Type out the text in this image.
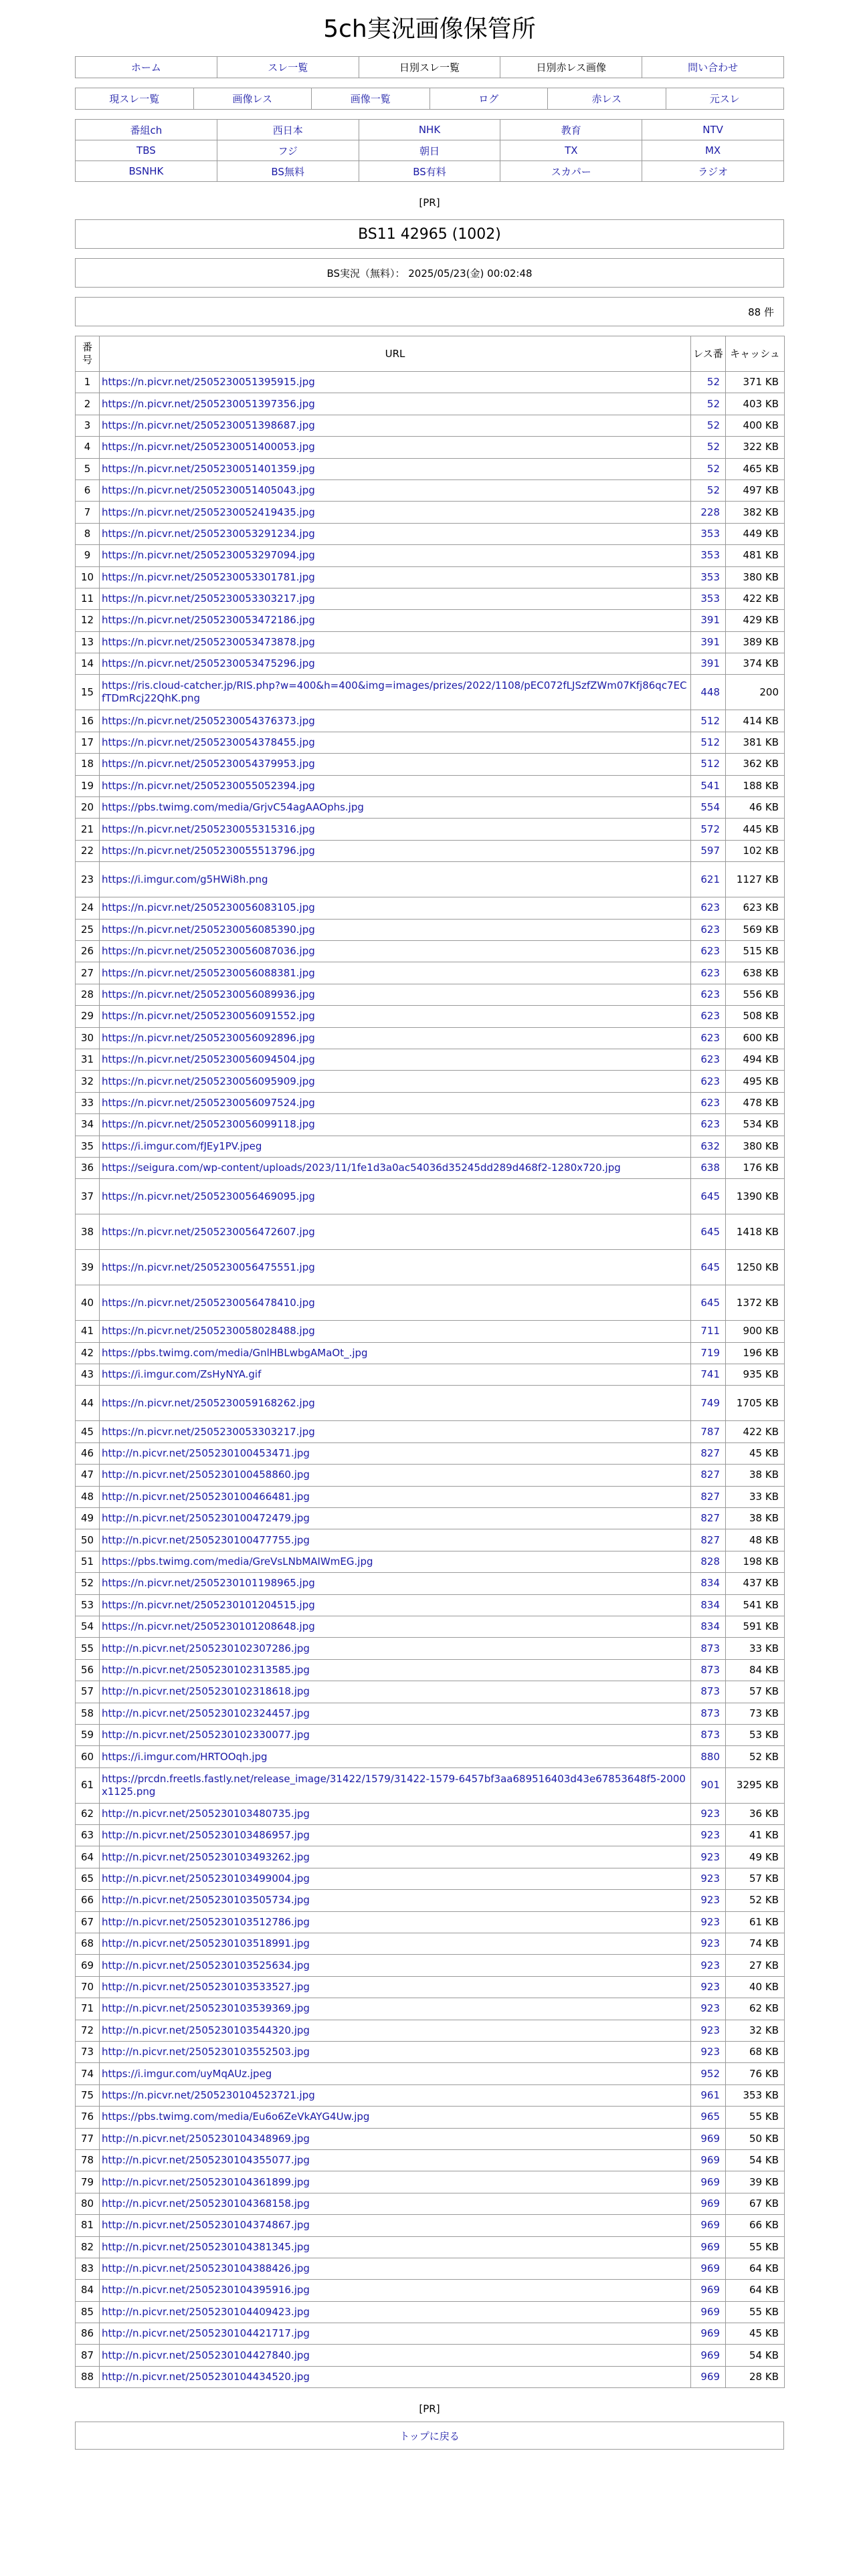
5ch実況画像保管所
ホーム	スレ一覧	日別スレ一覧	日別赤レス画像	問い合わせ
現スレ一覧	画像レス	画像一覧	ログ	赤レス	元スレ
番組ch	西日本	NHK	教育	NTV
TBS	フジ	朝日	TX	MX
BSNHK	BS無料	BS有料	スカパー	ラジオ
[PR]
BS11 42965 (1002)
BS実況（無料）： 2025/05/23(金) 00:02:48
88 件
番号	URL	レス番	キャッシュ
1	https://n.picvr.net/2505230051395915.jpg	52	371 KB
2	https://n.picvr.net/2505230051397356.jpg	52	403 KB
3	https://n.picvr.net/2505230051398687.jpg	52	400 KB
4	https://n.picvr.net/2505230051400053.jpg	52	322 KB
5	https://n.picvr.net/2505230051401359.jpg	52	465 KB
6	https://n.picvr.net/2505230051405043.jpg	52	497 KB
7	https://n.picvr.net/2505230052419435.jpg	228	382 KB
8	https://n.picvr.net/2505230053291234.jpg	353	449 KB
9	https://n.picvr.net/2505230053297094.jpg	353	481 KB
10	https://n.picvr.net/2505230053301781.jpg	353	380 KB
11	https://n.picvr.net/2505230053303217.jpg	353	422 KB
12	https://n.picvr.net/2505230053472186.jpg	391	429 KB
13	https://n.picvr.net/2505230053473878.jpg	391	389 KB
14	https://n.picvr.net/2505230053475296.jpg	391	374 KB
15	https://ris.cloud-catcher.jp/RIS.php?w=400&h=400&img=images/prizes/2022/1108/pEC072fLJSzfZWm07Kfj86qc7ECfTDmRcj22QhK.png	448	200
16	https://n.picvr.net/2505230054376373.jpg	512	414 KB
17	https://n.picvr.net/2505230054378455.jpg	512	381 KB
18	https://n.picvr.net/2505230054379953.jpg	512	362 KB
19	https://n.picvr.net/2505230055052394.jpg	541	188 KB
20	https://pbs.twimg.com/media/GrjvC54agAAOphs.jpg	554	46 KB
21	https://n.picvr.net/2505230055315316.jpg	572	445 KB
22	https://n.picvr.net/2505230055513796.jpg	597	102 KB
23	https://i.imgur.com/g5HWi8h.png	621	1127 KB
24	https://n.picvr.net/2505230056083105.jpg	623	623 KB
25	https://n.picvr.net/2505230056085390.jpg	623	569 KB
26	https://n.picvr.net/2505230056087036.jpg	623	515 KB
27	https://n.picvr.net/2505230056088381.jpg	623	638 KB
28	https://n.picvr.net/2505230056089936.jpg	623	556 KB
29	https://n.picvr.net/2505230056091552.jpg	623	508 KB
30	https://n.picvr.net/2505230056092896.jpg	623	600 KB
31	https://n.picvr.net/2505230056094504.jpg	623	494 KB
32	https://n.picvr.net/2505230056095909.jpg	623	495 KB
33	https://n.picvr.net/2505230056097524.jpg	623	478 KB
34	https://n.picvr.net/2505230056099118.jpg	623	534 KB
35	https://i.imgur.com/fJEy1PV.jpeg	632	380 KB
36	https://seigura.com/wp-content/uploads/2023/11/1fe1d3a0ac54036d35245dd289d468f2-1280x720.jpg	638	176 KB
37	https://n.picvr.net/2505230056469095.jpg	645	1390 KB
38	https://n.picvr.net/2505230056472607.jpg	645	1418 KB
39	https://n.picvr.net/2505230056475551.jpg	645	1250 KB
40	https://n.picvr.net/2505230056478410.jpg	645	1372 KB
41	https://n.picvr.net/2505230058028488.jpg	711	900 KB
42	https://pbs.twimg.com/media/GnlHBLwbgAMaOt_.jpg	719	196 KB
43	https://i.imgur.com/ZsHyNYA.gif	741	935 KB
44	https://n.picvr.net/2505230059168262.jpg	749	1705 KB
45	https://n.picvr.net/2505230053303217.jpg	787	422 KB
46	http://n.picvr.net/2505230100453471.jpg	827	45 KB
47	http://n.picvr.net/2505230100458860.jpg	827	38 KB
48	http://n.picvr.net/2505230100466481.jpg	827	33 KB
49	http://n.picvr.net/2505230100472479.jpg	827	38 KB
50	http://n.picvr.net/2505230100477755.jpg	827	48 KB
51	https://pbs.twimg.com/media/GreVsLNbMAIWmEG.jpg	828	198 KB
52	https://n.picvr.net/2505230101198965.jpg	834	437 KB
53	https://n.picvr.net/2505230101204515.jpg	834	541 KB
54	https://n.picvr.net/2505230101208648.jpg	834	591 KB
55	http://n.picvr.net/2505230102307286.jpg	873	33 KB
56	http://n.picvr.net/2505230102313585.jpg	873	84 KB
57	http://n.picvr.net/2505230102318618.jpg	873	57 KB
58	http://n.picvr.net/2505230102324457.jpg	873	73 KB
59	http://n.picvr.net/2505230102330077.jpg	873	53 KB
60	https://i.imgur.com/HRTOOqh.jpg	880	52 KB
61	https://prcdn.freetls.fastly.net/release_image/31422/1579/31422-1579-6457bf3aa689516403d43e67853648f5-2000x1125.png	901	3295 KB
62	http://n.picvr.net/2505230103480735.jpg	923	36 KB
63	http://n.picvr.net/2505230103486957.jpg	923	41 KB
64	http://n.picvr.net/2505230103493262.jpg	923	49 KB
65	http://n.picvr.net/2505230103499004.jpg	923	57 KB
66	http://n.picvr.net/2505230103505734.jpg	923	52 KB
67	http://n.picvr.net/2505230103512786.jpg	923	61 KB
68	http://n.picvr.net/2505230103518991.jpg	923	74 KB
69	http://n.picvr.net/2505230103525634.jpg	923	27 KB
70	http://n.picvr.net/2505230103533527.jpg	923	40 KB
71	http://n.picvr.net/2505230103539369.jpg	923	62 KB
72	http://n.picvr.net/2505230103544320.jpg	923	32 KB
73	http://n.picvr.net/2505230103552503.jpg	923	68 KB
74	https://i.imgur.com/uyMqAUz.jpeg	952	76 KB
75	https://n.picvr.net/2505230104523721.jpg	961	353 KB
76	https://pbs.twimg.com/media/Eu6o6ZeVkAYG4Uw.jpg	965	55 KB
77	http://n.picvr.net/2505230104348969.jpg	969	50 KB
78	http://n.picvr.net/2505230104355077.jpg	969	54 KB
79	http://n.picvr.net/2505230104361899.jpg	969	39 KB
80	http://n.picvr.net/2505230104368158.jpg	969	67 KB
81	http://n.picvr.net/2505230104374867.jpg	969	66 KB
82	http://n.picvr.net/2505230104381345.jpg	969	55 KB
83	http://n.picvr.net/2505230104388426.jpg	969	64 KB
84	http://n.picvr.net/2505230104395916.jpg	969	64 KB
85	http://n.picvr.net/2505230104409423.jpg	969	55 KB
86	http://n.picvr.net/2505230104421717.jpg	969	45 KB
87	http://n.picvr.net/2505230104427840.jpg	969	54 KB
88	http://n.picvr.net/2505230104434520.jpg	969	28 KB
[PR]
トップに戻る
